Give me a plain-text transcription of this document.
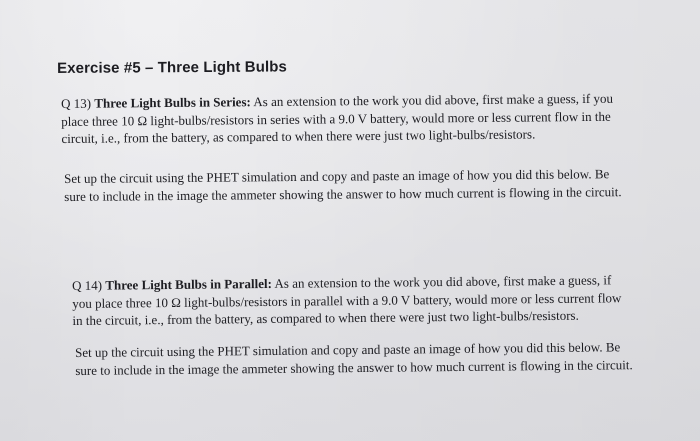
Exercise #5 – Three Light Bulbs

Q 13) Three Light Bulbs in Series: As an extension to the work you did above, first make a guess, if you

place three 10 Ω light-bulbs/resistors in series with a 9.0 V battery, would more or less current flow in the

circuit, i.e., from the battery, as compared to when there were just two light-bulbs/resistors.

Set up the circuit using the PHET simulation and copy and paste an image of how you did this below. Be

sure to include in the image the ammeter showing the answer to how much current is flowing in the circuit.

Q 14) Three Light Bulbs in Parallel: As an extension to the work you did above, first make a guess, if

you place three 10 Ω light-bulbs/resistors in parallel with a 9.0 V battery, would more or less current flow

in the circuit, i.e., from the battery, as compared to when there were just two light-bulbs/resistors.

Set up the circuit using the PHET simulation and copy and paste an image of how you did this below. Be

sure to include in the image the ammeter showing the answer to how much current is flowing in the circuit.
